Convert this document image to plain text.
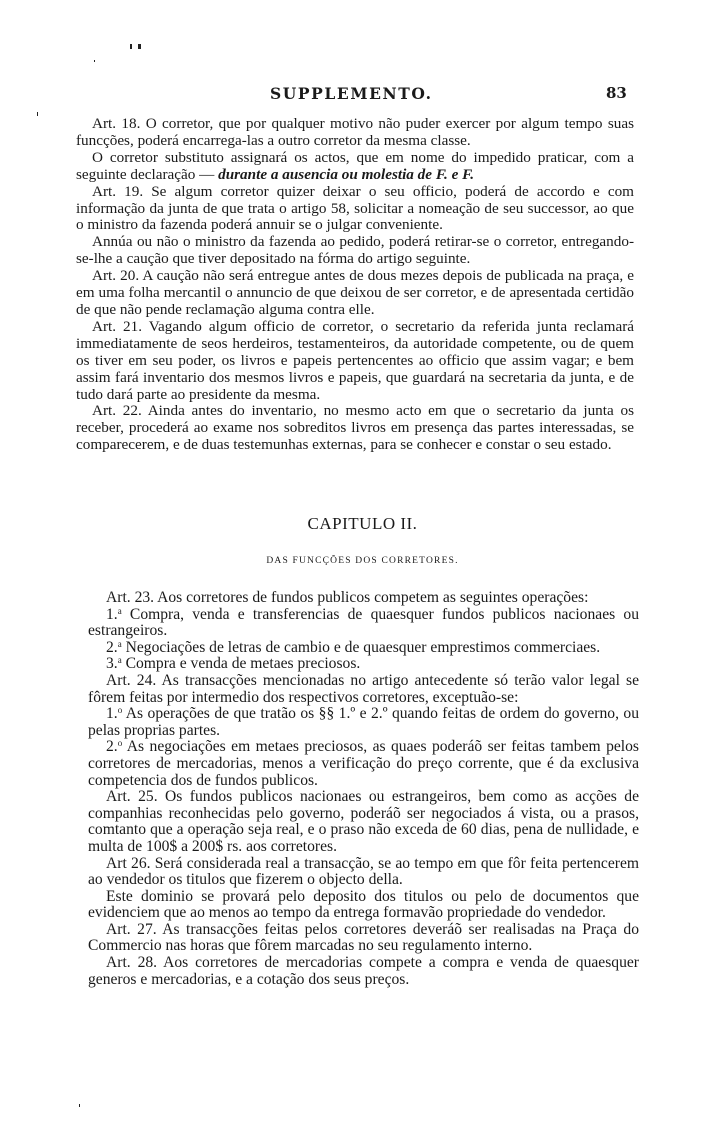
SUPPLEMENTO.	83

Art. 18. O corretor, que por qualquer motivo não puder exercer por algum tempo suas funcções, poderá encarrega-las a outro corretor da mesma classe.

O corretor substituto assignará os actos, que em nome do impedido praticar, com a seguinte declaração — durante a ausencia ou molestia de F. e F.

Art. 19. Se algum corretor quizer deixar o seu officio, poderá de accordo e com informação da junta de que trata o artigo 58, solicitar a nomeação de seu successor, ao que o ministro da fazenda poderá annuir se o julgar conveniente.

Annúa ou não o ministro da fazenda ao pedido, poderá retirar-se o corretor, entregando-se-lhe a caução que tiver depositado na fórma do artigo seguinte.

Art. 20. A caução não será entregue antes de dous mezes depois de publicada na praça, e em uma folha mercantil o annuncio de que deixou de ser corretor, e de apresentada certidão de que não pende reclamação alguma contra elle.

Art. 21. Vagando algum officio de corretor, o secretario da referida junta reclamará immediatamente de seos herdeiros, testamenteiros, da autoridade competente, ou de quem os tiver em seu poder, os livros e papeis pertencentes ao officio que assim vagar; e bem assim fará inventario dos mesmos livros e papeis, que guardará na secretaria da junta, e de tudo dará parte ao presidente da mesma.

Art. 22. Ainda antes do inventario, no mesmo acto em que o secretario da junta os receber, procederá ao exame nos sobreditos livros em presença das partes interessadas, se comparecerem, e de duas testemunhas externas, para se conhecer e constar o seu estado.

CAPITULO II.
DAS FUNCÇÕES DOS CORRETORES.

Art. 23. Aos corretores de fundos publicos competem as seguintes operações:

1.$^a$ Compra, venda e transferencias de quaesquer fundos publicos nacionaes ou estrangeiros.

2.$^a$ Negociações de letras de cambio e de quaesquer emprestimos commerciaes.

3.$^a$ Compra e venda de metaes preciosos.

Art. 24. As transacções mencionadas no artigo antecedente só terão valor legal se fôrem feitas por intermedio dos respectivos corretores, exceptuão-se:

1.$^o$ As operações de que tratão os §§ 1.º e 2.º quando feitas de ordem do governo, ou pelas proprias partes.

2.$^o$ As negociações em metaes preciosos, as quaes poderáõ ser feitas tambem pelos corretores de mercadorias, menos a verificação do preço corrente, que é da exclusiva competencia dos de fundos publicos.

Art. 25. Os fundos publicos nacionaes ou estrangeiros, bem como as acções de companhias reconhecidas pelo governo, poderáõ ser negociados á vista, ou a prasos, comtanto que a operação seja real, e o praso não exceda de 60 dias, pena de nullidade, e multa de 100$ a 200$ rs. aos corretores.

Art 26. Será considerada real a transacção, se ao tempo em que fôr feita pertencerem ao vendedor os titulos que fizerem o objecto della.

Este dominio se provará pelo deposito dos titulos ou pelo de documentos que evidenciem que ao menos ao tempo da entrega formavão propriedade do vendedor.

Art. 27. As transacções feitas pelos corretores deveráõ ser realisadas na Praça do Commercio nas horas que fôrem marcadas no seu regulamento interno.

Art. 28. Aos corretores de mercadorias compete a compra e venda de quaesquer generos e mercadorias, e a cotação dos seus preços.
